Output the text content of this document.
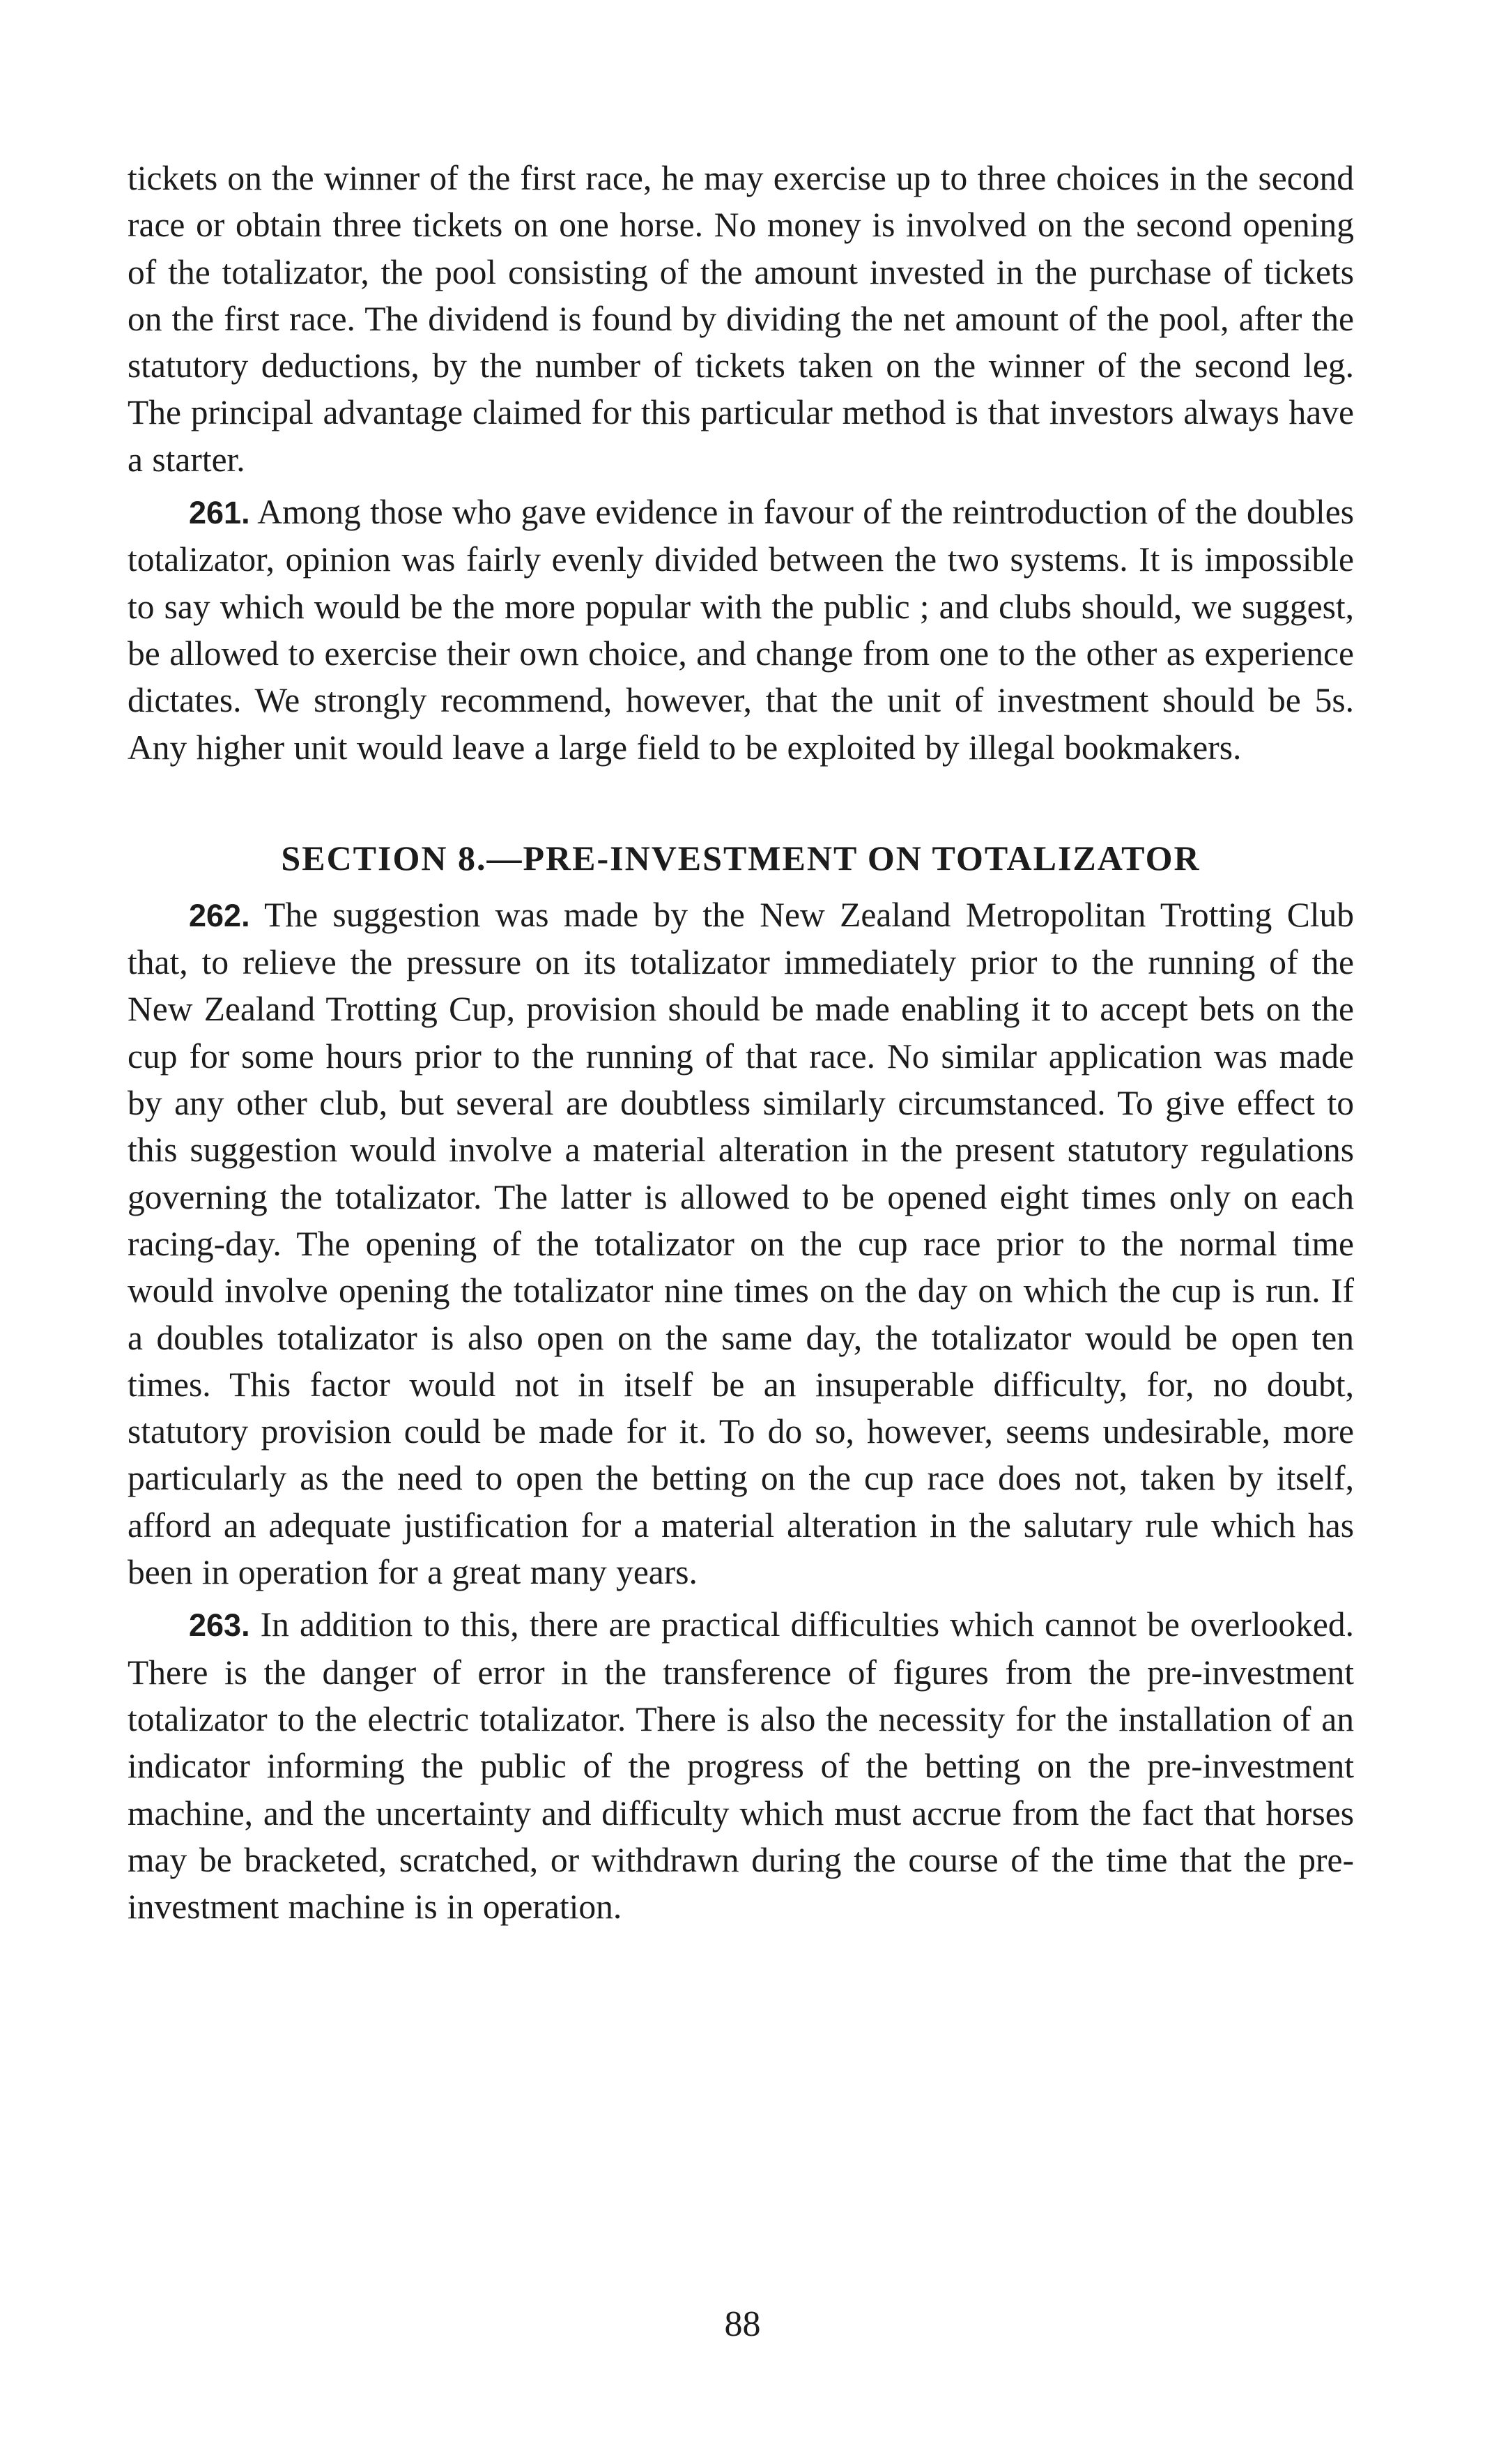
tickets on the winner of the first race, he may exercise up to three choices in the second race or obtain three tickets on one horse. No money is involved on the second opening of the totalizator, the pool consisting of the amount invested in the purchase of tickets on the first race. The dividend is found by dividing the net amount of the pool, after the statutory deductions, by the number of tickets taken on the winner of the second leg. The principal advantage claimed for this particular method is that investors always have a starter.

261. Among those who gave evidence in favour of the reintroduction of the doubles totalizator, opinion was fairly evenly divided between the two systems. It is impossible to say which would be the more popular with the public ; and clubs should, we suggest, be allowed to exercise their own choice, and change from one to the other as experience dictates. We strongly recommend, however, that the unit of investment should be 5s. Any higher unit would leave a large field to be exploited by illegal bookmakers.

SECTION 8.—PRE-INVESTMENT ON TOTALIZATOR

262. The suggestion was made by the New Zealand Metropolitan Trotting Club that, to relieve the pressure on its totalizator immediately prior to the running of the New Zealand Trotting Cup, provision should be made enabling it to accept bets on the cup for some hours prior to the running of that race. No similar application was made by any other club, but several are doubtless similarly circumstanced. To give effect to this suggestion would involve a material alteration in the present statutory regulations governing the totalizator. The latter is allowed to be opened eight times only on each racing-day. The opening of the totalizator on the cup race prior to the normal time would involve opening the totalizator nine times on the day on which the cup is run. If a doubles totalizator is also open on the same day, the totalizator would be open ten times. This factor would not in itself be an insuperable difficulty, for, no doubt, statutory provision could be made for it. To do so, however, seems undesirable, more particularly as the need to open the betting on the cup race does not, taken by itself, afford an adequate justification for a material alteration in the salutary rule which has been in operation for a great many years.

263. In addition to this, there are practical difficulties which cannot be overlooked. There is the danger of error in the transference of figures from the pre-investment totalizator to the electric totalizator. There is also the necessity for the installation of an indicator informing the public of the progress of the betting on the pre-investment machine, and the uncertainty and difficulty which must accrue from the fact that horses may be bracketed, scratched, or withdrawn during the course of the time that the pre-investment machine is in operation.

88
